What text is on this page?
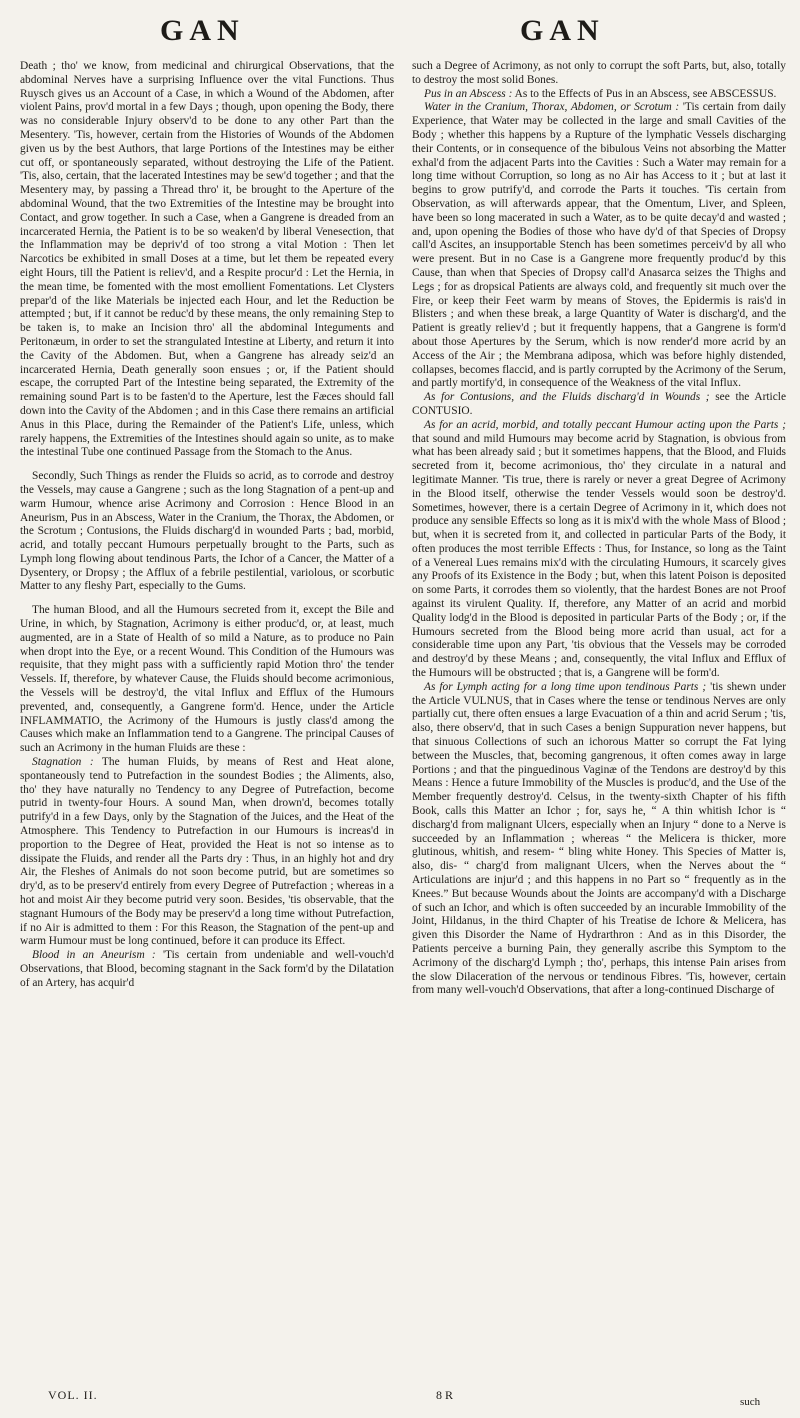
GAN	GAN

Death ; tho' we know, from medicinal and chirurgical Observations, that the abdominal Nerves have a surprising Influence over the vital Functions. Thus Ruysch gives us an Account of a Case, in which a Wound of the Abdomen, after violent Pains, prov'd mortal in a few Days ; though, upon opening the Body, there was no considerable Injury observ'd to be done to any other Part than the Mesentery. 'Tis, however, certain from the Histories of Wounds of the Abdomen given us by the best Authors, that large Portions of the Intestines may be either cut off, or spontaneously separated, without destroying the Life of the Patient. 'Tis, also, certain, that the lacerated Intestines may be sew'd together ; and that the Mesentery may, by passing a Thread thro' it, be brought to the Aperture of the abdominal Wound, that the two Extremities of the Intestine may be brought into Contact, and grow together. In such a Case, when a Gangrene is dreaded from an incarcerated Hernia, the Patient is to be so weaken'd by liberal Venesection, that the Inflammation may be depriv'd of too strong a vital Motion : Then let Narcotics be exhibited in small Doses at a time, but let them be repeated every eight Hours, till the Patient is reliev'd, and a Respite procur'd : Let the Hernia, in the mean time, be fomented with the most emollient Fomentations. Let Clysters prepar'd of the like Materials be injected each Hour, and let the Reduction be attempted ; but, if it cannot be reduc'd by these means, the only remaining Step to be taken is, to make an Incision thro' all the abdominal Integuments and Peritonæum, in order to set the strangulated Intestine at Liberty, and return it into the Cavity of the Abdomen. But, when a Gangrene has already seiz'd an incarcerated Hernia, Death generally soon ensues ; or, if the Patient should escape, the corrupted Part of the Intestine being separated, the Extremity of the remaining sound Part is to be fasten'd to the Aperture, lest the Fæces should fall down into the Cavity of the Abdomen ; and in this Case there remains an artificial Anus in this Place, during the Remainder of the Patient's Life, unless, which rarely happens, the Extremities of the Intestines should again so unite, as to make the intestinal Tube one continued Passage from the Stomach to the Anus.

Secondly, Such Things as render the Fluids so acrid, as to corrode and destroy the Vessels, may cause a Gangrene ; such as the long Stagnation of a pent-up and warm Humour, whence arise Acrimony and Corrosion : Hence Blood in an Aneurism, Pus in an Abscess, Water in the Cranium, the Thorax, the Abdomen, or the Scrotum ; Contusions, the Fluids discharg'd in wounded Parts ; bad, morbid, acrid, and totally peccant Humours perpetually brought to the Parts, such as Lymph long flowing about tendinous Parts, the Ichor of a Cancer, the Matter of a Dysentery, or Dropsy ; the Afflux of a febrile pestilential, variolous, or scorbutic Matter to any fleshy Part, especially to the Gums.

The human Blood, and all the Humours secreted from it, except the Bile and Urine, in which, by Stagnation, Acrimony is either produc'd, or, at least, much augmented, are in a State of Health of so mild a Nature, as to produce no Pain when dropt into the Eye, or a recent Wound. This Condition of the Humours was requisite, that they might pass with a sufficiently rapid Motion thro' the tender Vessels. If, therefore, by whatever Cause, the Fluids should become acrimonious, the Vessels will be destroy'd, the vital Influx and Efflux of the Humours prevented, and, consequently, a Gangrene form'd. Hence, under the Article INFLAMMATIO, the Acrimony of the Humours is justly class'd among the Causes which make an Inflammation tend to a Gangrene. The principal Causes of such an Acrimony in the human Fluids are these :

Stagnation : The human Fluids, by means of Rest and Heat alone, spontaneously tend to Putrefaction in the soundest Bodies ; the Aliments, also, tho' they have naturally no Tendency to any Degree of Putrefaction, become putrid in twenty-four Hours. A sound Man, when drown'd, becomes totally putrify'd in a few Days, only by the Stagnation of the Juices, and the Heat of the Atmosphere. This Tendency to Putrefaction in our Humours is increas'd in proportion to the Degree of Heat, provided the Heat is not so intense as to dissipate the Fluids, and render all the Parts dry : Thus, in an highly hot and dry Air, the Fleshes of Animals do not soon become putrid, but are sometimes so dry'd, as to be preserv'd entirely from every Degree of Putrefaction ; whereas in a hot and moist Air they become putrid very soon. Besides, 'tis observable, that the stagnant Humours of the Body may be preserv'd a long time without Putrefaction, if no Air is admitted to them : For this Reason, the Stagnation of the pent-up and warm Humour must be long continued, before it can produce its Effect.

Blood in an Aneurism : 'Tis certain from undeniable and well-vouch'd Observations, that Blood, becoming stagnant in the Sack form'd by the Dilatation of an Artery, has acquir'd

such a Degree of Acrimony, as not only to corrupt the soft Parts, but, also, totally to destroy the most solid Bones.

Pus in an Abscess : As to the Effects of Pus in an Abscess, see ABSCESSUS.

Water in the Cranium, Thorax, Abdomen, or Scrotum : 'Tis certain from daily Experience, that Water may be collected in the large and small Cavities of the Body ; whether this happens by a Rupture of the lymphatic Vessels discharging their Contents, or in consequence of the bibulous Veins not absorbing the Matter exhal'd from the adjacent Parts into the Cavities : Such a Water may remain for a long time without Corruption, so long as no Air has Access to it ; but at last it begins to grow putrify'd, and corrode the Parts it touches. 'Tis certain from Observation, as will afterwards appear, that the Omentum, Liver, and Spleen, have been so long macerated in such a Water, as to be quite decay'd and wasted ; and, upon opening the Bodies of those who have dy'd of that Species of Dropsy call'd Ascites, an insupportable Stench has been sometimes perceiv'd by all who were present. But in no Case is a Gangrene more frequently produc'd by this Cause, than when that Species of Dropsy call'd Anasarca seizes the Thighs and Legs ; for as dropsical Patients are always cold, and frequently sit much over the Fire, or keep their Feet warm by means of Stoves, the Epidermis is rais'd in Blisters ; and when these break, a large Quantity of Water is discharg'd, and the Patient is greatly reliev'd ; but it frequently happens, that a Gangrene is form'd about those Apertures by the Serum, which is now render'd more acrid by an Access of the Air ; the Membrana adiposa, which was before highly distended, collapses, becomes flaccid, and is partly corrupted by the Acrimony of the Serum, and partly mortify'd, in consequence of the Weakness of the vital Influx.

As for Contusions, and the Fluids discharg'd in Wounds ; see the Article CONTUSIO.

As for an acrid, morbid, and totally peccant Humour acting upon the Parts ; that sound and mild Humours may become acrid by Stagnation, is obvious from what has been already said ; but it sometimes happens, that the Blood, and Fluids secreted from it, become acrimonious, tho' they circulate in a natural and legitimate Manner. 'Tis true, there is rarely or never a great Degree of Acrimony in the Blood itself, otherwise the tender Vessels would soon be destroy'd. Sometimes, however, there is a certain Degree of Acrimony in it, which does not produce any sensible Effects so long as it is mix'd with the whole Mass of Blood ; but, when it is secreted from it, and collected in particular Parts of the Body, it often produces the most terrible Effects : Thus, for Instance, so long as the Taint of a Venereal Lues remains mix'd with the circulating Humours, it scarcely gives any Proofs of its Existence in the Body ; but, when this latent Poison is deposited on some Parts, it corrodes them so violently, that the hardest Bones are not Proof against its virulent Quality. If, therefore, any Matter of an acrid and morbid Quality lodg'd in the Blood is deposited in particular Parts of the Body ; or, if the Humours secreted from the Blood being more acrid than usual, act for a considerable time upon any Part, 'tis obvious that the Vessels may be corroded and destroy'd by these Means ; and, consequently, the vital Influx and Efflux of the Humours will be obstructed ; that is, a Gangrene will be form'd.

As for Lymph acting for a long time upon tendinous Parts ; 'tis shewn under the Article VULNUS, that in Cases where the tense or tendinous Nerves are only partially cut, there often ensues a large Evacuation of a thin and acrid Serum ; 'tis, also, there observ'd, that in such Cases a benign Suppuration never happens, but that sinuous Collections of such an ichorous Matter so corrupt the Fat lying between the Muscles, that, becoming gangrenous, it often comes away in large Portions ; and that the pinguedinous Vaginæ of the Tendons are destroy'd by this Means : Hence a future Immobility of the Muscles is produc'd, and the Use of the Member frequently destroy'd. Celsus, in the twenty-sixth Chapter of his fifth Book, calls this Matter an Ichor ; for, says he, “ A thin whitish Ichor is “ discharg'd from malignant Ulcers, especially when an Injury “ done to a Nerve is succeeded by an Inflammation ; whereas “ the Melicera is thicker, more glutinous, whitish, and resem- “ bling white Honey. This Species of Matter is, also, dis- “ charg'd from malignant Ulcers, when the Nerves about the “ Articulations are injur'd ; and this happens in no Part so “ frequently as in the Knees.” But because Wounds about the Joints are accompany'd with a Discharge of such an Ichor, and which is often succeeded by an incurable Immobility of the Joint, Hildanus, in the third Chapter of his Treatise de Ichore & Melicera, has given this Disorder the Name of Hydrarthron : And as in this Disorder, the Patients perceive a burning Pain, they generally ascribe this Symptom to the Acrimony of the discharg'd Lymph ; tho', perhaps, this intense Pain arises from the slow Dilaceration of the nervous or tendinous Fibres. 'Tis, however, certain from many well-vouch'd Observations, that after a long-continued Discharge of

VOL. II.	8 R	such
